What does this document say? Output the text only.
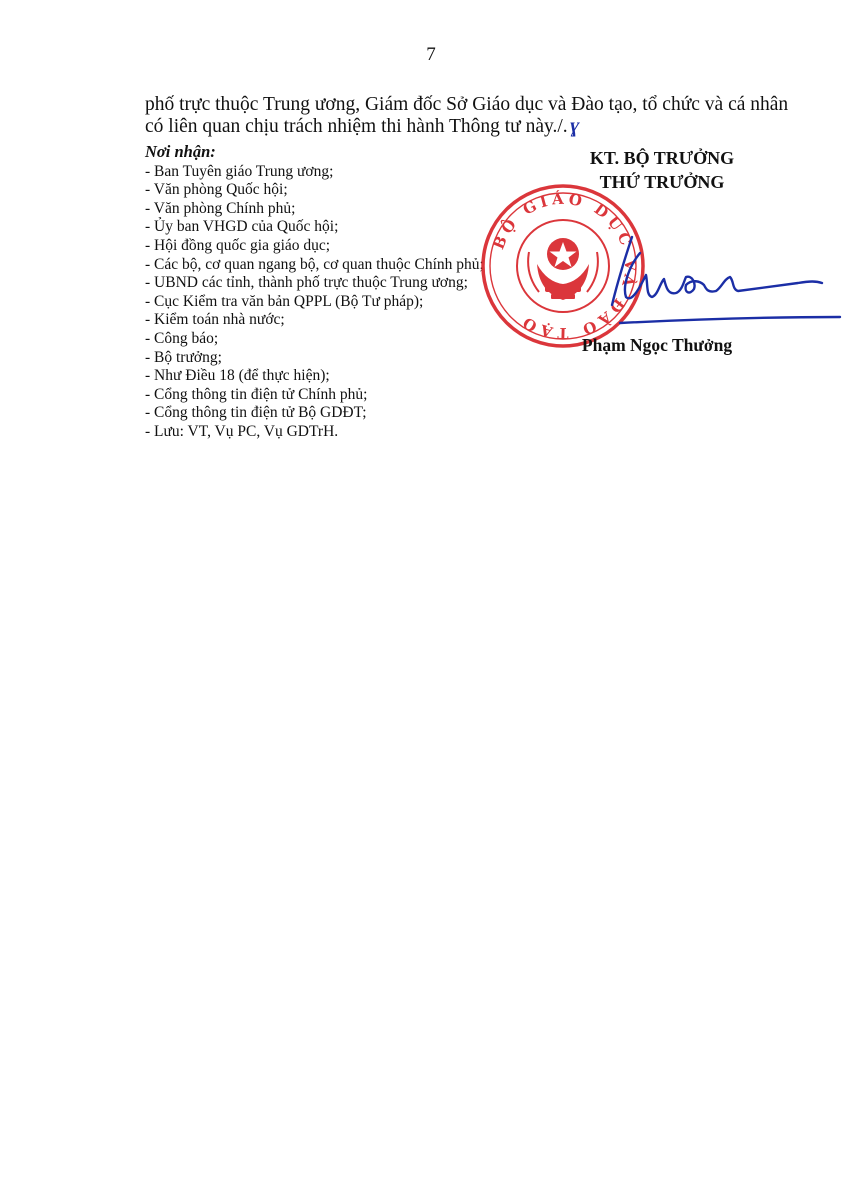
7
phố trực thuộc Trung ương, Giám đốc Sở Giáo dục và Đào tạo, tổ chức và cá nhân
có liên quan chịu trách nhiệm thi hành Thông tư này./. ɣ
Nơi nhận:
- Ban Tuyên giáo Trung ương;
- Văn phòng Quốc hội;
- Văn phòng Chính phủ;
- Ủy ban VHGD của Quốc hội;
- Hội đồng quốc gia giáo dục;
- Các bộ, cơ quan ngang bộ, cơ quan thuộc Chính phủ;
- UBND các tỉnh, thành phố trực thuộc Trung ương;
- Cục Kiểm tra văn bản QPPL (Bộ Tư pháp);
- Kiểm toán nhà nước;
- Công báo;
- Bộ trưởng;
- Như Điều 18 (để thực hiện);
- Cổng thông tin điện tử Chính phủ;
- Cổng thông tin điện tử Bộ GDĐT;
- Lưu: VT, Vụ PC, Vụ GDTrH.
KT. BỘ TRƯỞNG
THỨ TRƯỞNG
BỘ GIÁO DỤC VÀ ĐÀO TẠO
Phạm Ngọc Thưởng
